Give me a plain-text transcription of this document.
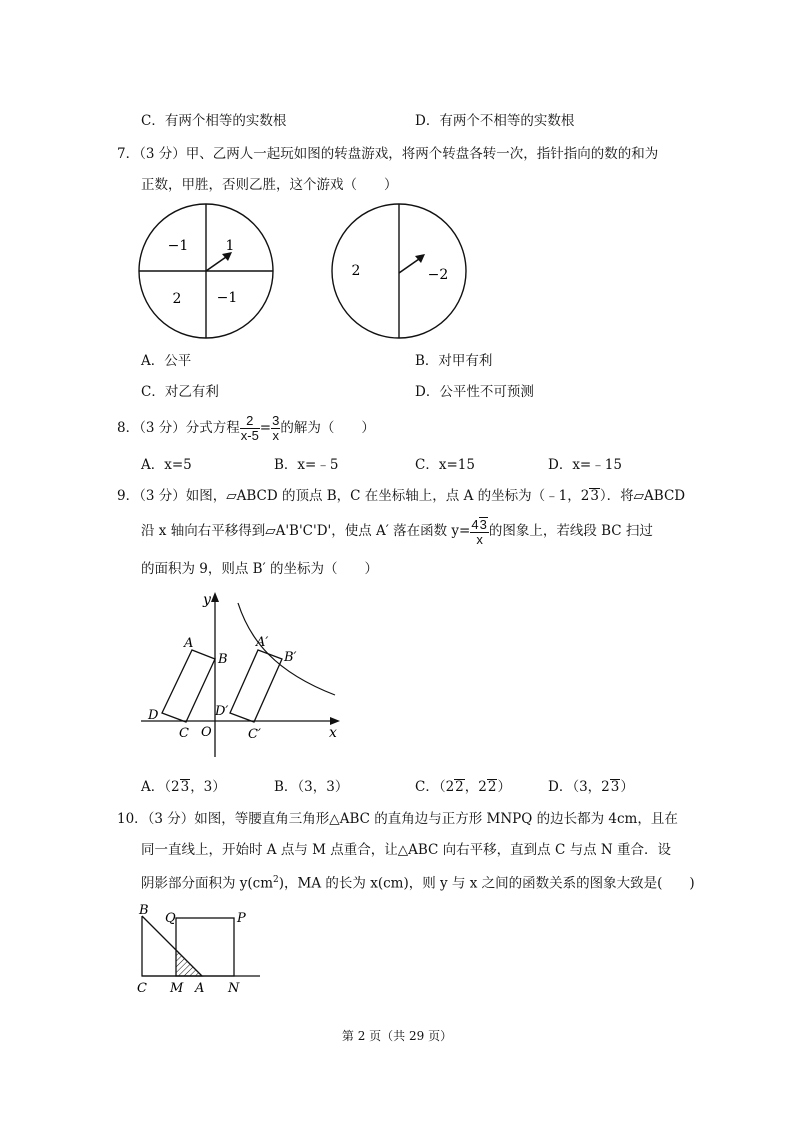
C．有两个相等的实数根	D．有两个不相等的实数根
7．（3 分）甲、乙两人一起玩如图的转盘游戏，将两个转盘各转一次，指针指向的数的和为
正数，甲胜，否则乙胜，这个游戏（　　）
−1	1
2	−1
2	−2
A．公平	B．对甲有利
C．对乙有利	D．公平性不可预测
8．（3 分）分式方程 $\frac{2}{x-5} = \frac{3}{x}$ 的解为（　　）
A．x=5	B．x=﹣5	C．x=15	D．x=﹣15
9．（3 分）如图，▱ABCD 的顶点 B，C 在坐标轴上，点 A 的坐标为（﹣1，23）．将▱ABCD
沿 x 轴向右平移得到▱A'B'C'D'，使点 A′ 落在函数 $y= \frac{43}{x}$ 的图象上，若线段 BC 扫过
的面积为 9，则点 B′ 的坐标为（　　）
y
x
O
A
B
C
D
A′
B′
C′
D′
A．（23，3）	B．（3，3）	C．（22，22）	D．（3，23）
10．（3 分）如图，等腰直角三角形△ABC 的直角边与正方形 MNPQ 的边长都为 4cm，且在
同一直线上，开始时 A 点与 M 点重合，让△ABC 向右平移，直到点 C 与点 N 重合．设
阴影部分面积为 $y(cm^2)$，MA 的长为 x(cm)，则 y 与 x 之间的函数关系的图象大致是(　　)
B
Q	P
C M A N
第 2 页（共 29 页）
